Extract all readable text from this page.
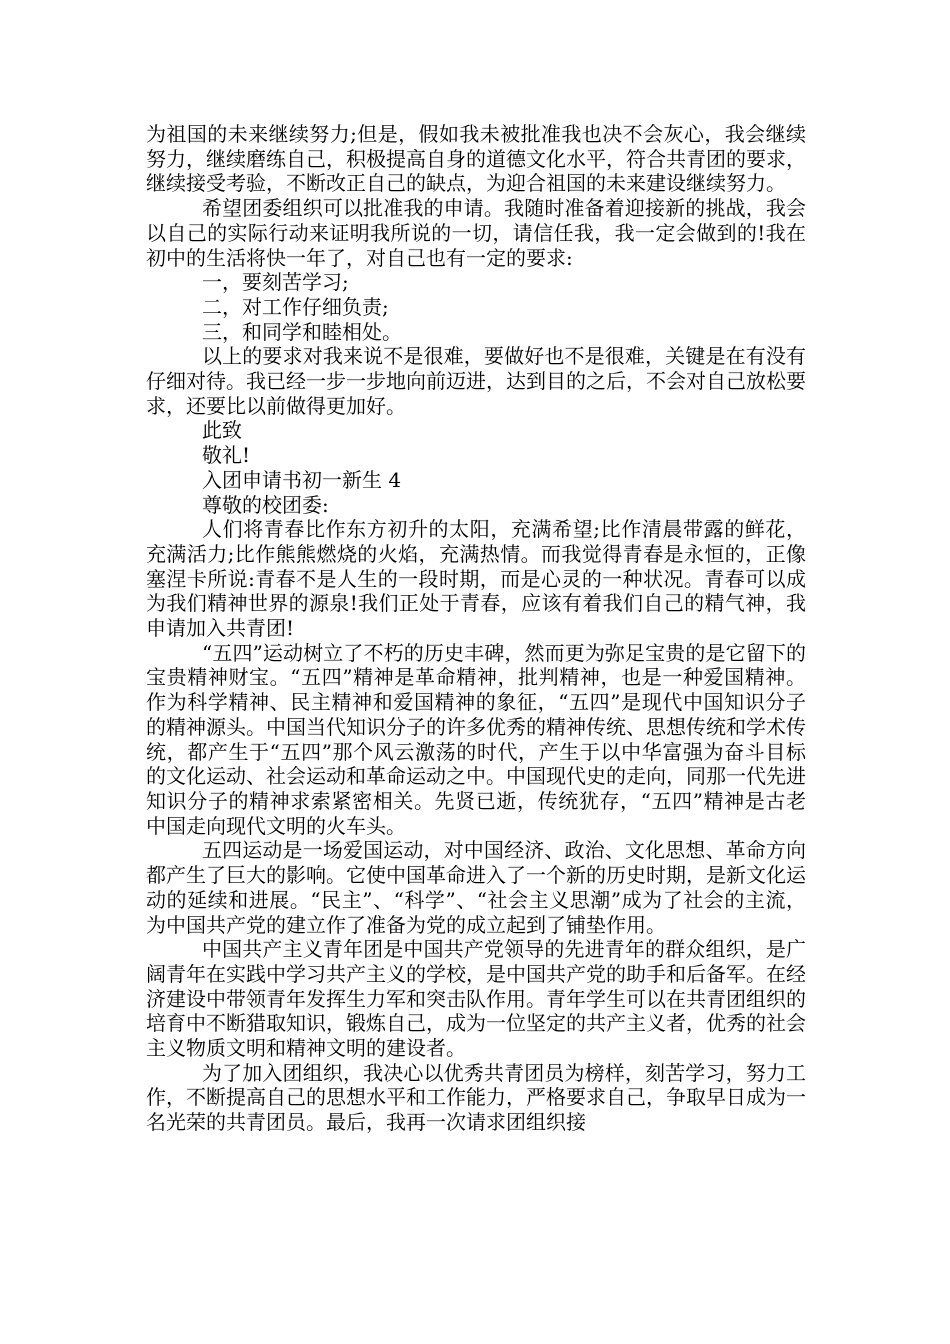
为祖国的未来继续努力;但是，假如我未被批准我也决不会灰心，我会继续努力，继续磨练自己，积极提高自身的道德文化水平，符合共青团的要求，继续接受考验，不断改正自己的缺点，为迎合祖国的未来建设继续努力。

希望团委组织可以批准我的申请。我随时准备着迎接新的挑战，我会以自己的实际行动来证明我所说的一切，请信任我，我一定会做到的!我在初中的生活将快一年了，对自己也有一定的要求:

一，要刻苦学习;

二，对工作仔细负责;

三，和同学和睦相处。

以上的要求对我来说不是很难，要做好也不是很难，关键是在有没有仔细对待。我已经一步一步地向前迈进，达到目的之后，不会对自己放松要求，还要比以前做得更加好。

此致

敬礼!

入团申请书初一新生 4

尊敬的校团委:

人们将青春比作东方初升的太阳，充满希望;比作清晨带露的鲜花，充满活力;比作熊熊燃烧的火焰，充满热情。而我觉得青春是永恒的，正像塞涅卡所说:青春不是人生的一段时期，而是心灵的一种状况。青春可以成为我们精神世界的源泉!我们正处于青春，应该有着我们自己的精气神，我申请加入共青团!

“五四”运动树立了不朽的历史丰碑，然而更为弥足宝贵的是它留下的宝贵精神财宝。“五四”精神是革命精神，批判精神，也是一种爱国精神。作为科学精神、民主精神和爱国精神的象征，“五四”是现代中国知识分子的精神源头。中国当代知识分子的许多优秀的精神传统、思想传统和学术传统，都产生于“五四”那个风云激荡的时代，产生于以中华富强为奋斗目标的文化运动、社会运动和革命运动之中。中国现代史的走向，同那一代先进知识分子的精神求索紧密相关。先贤已逝，传统犹存，“五四”精神是古老中国走向现代文明的火车头。

五四运动是一场爱国运动，对中国经济、政治、文化思想、革命方向都产生了巨大的影响。它使中国革命进入了一个新的历史时期，是新文化运动的延续和进展。“民主”、“科学”、“社会主义思潮”成为了社会的主流，为中国共产党的建立作了准备为党的成立起到了铺垫作用。

中国共产主义青年团是中国共产党领导的先进青年的群众组织，是广阔青年在实践中学习共产主义的学校，是中国共产党的助手和后备军。在经济建设中带领青年发挥生力军和突击队作用。青年学生可以在共青团组织的培育中不断猎取知识，锻炼自己，成为一位坚定的共产主义者，优秀的社会主义物质文明和精神文明的建设者。

为了加入团组织，我决心以优秀共青团员为榜样，刻苦学习，努力工作，不断提高自己的思想水平和工作能力，严格要求自己，争取早日成为一名光荣的共青团员。最后，我再一次请求团组织接
